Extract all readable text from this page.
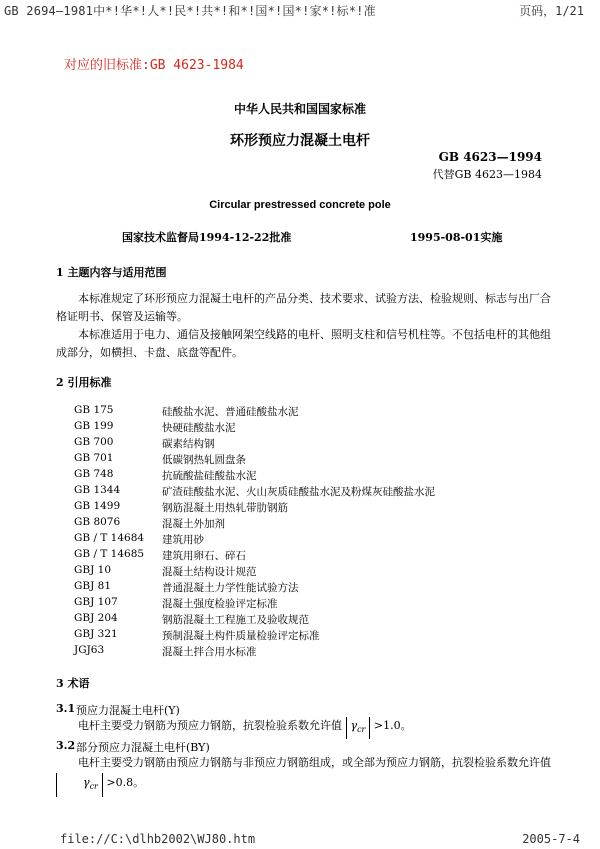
GB 2694—1981中*!华*!人*!民*!共*!和*!国*!国*!家*!标*!准	页码，1/21
对应的旧标准:GB 4623-1984
中华人民共和国国家标准
环形预应力混凝土电杆
GB 4623—1994
代替GB 4623—1984
Circular prestressed concrete pole
国家技术监督局1994-12-22批准	1995-08-01实施
1 主题内容与适用范围

本标准规定了环形预应力混凝土电杆的产品分类、技术要求、试验方法、检验规则、标志与出厂合格证明书、保管及运输等。

本标准适用于电力、通信及接触网架空线路的电杆、照明支柱和信号机柱等。不包括电杆的其他组成部分，如横担、卡盘、底盘等配件。

2 引用标准
GB 175	硅酸盐水泥、普通硅酸盐水泥
GB 199	快硬硅酸盐水泥
GB 700	碳素结构钢
GB 701	低碳钢热轧圆盘条
GB 748	抗硫酸盐硅酸盐水泥
GB 1344	矿渣硅酸盐水泥、火山灰质硅酸盐水泥及粉煤灰硅酸盐水泥
GB 1499	钢筋混凝土用热轧带肋钢筋
GB 8076	混凝土外加剂
GB / T 14684 建筑用砂
GB / T 14685 建筑用卵石、碎石
GBJ 10	混凝土结构设计规范
GBJ 81	普通混凝土力学性能试验方法
GBJ 107	混凝土强度检验评定标准
GBJ 204	钢筋混凝土工程施工及验收规范
GBJ 321	预制混凝土构件质量检验评定标准
JGJ63	混凝土拌合用水标准
3 术语
3.1 预应力混凝土电杆(Y)
电杆主要受力钢筋为预应力钢筋，抗裂检验系数允许值 $\gamma_{cr} >1.0$。
3.2 部分预应力混凝土电杆(BY)
电杆主要受力钢筋由预应力钢筋与非预应力钢筋组成，或全部为预应力钢筋，抗裂检验系数允许值 $\gamma_{cr} >0.8$。
file://C:\dlhb2002\WJ80.htm	2005-7-4
